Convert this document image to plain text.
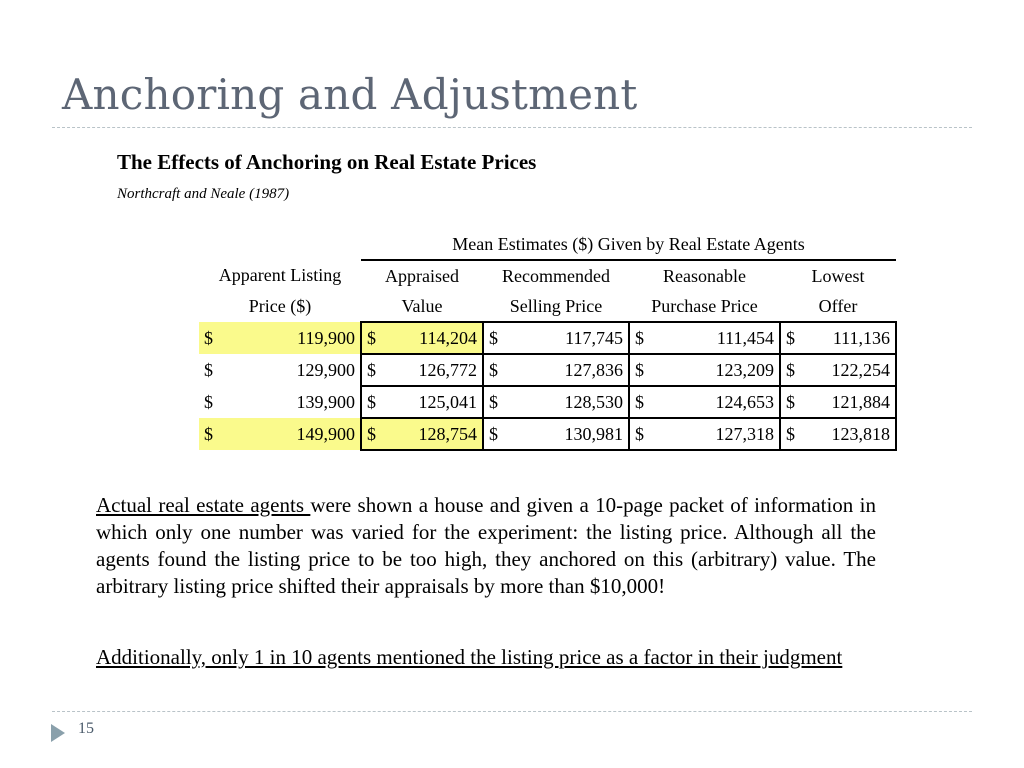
Anchoring and Adjustment
The Effects of Anchoring on Real Estate Prices
Northcraft and Neale (1987)
	Mean Estimates ($) Given by Real Estate Agents			
Apparent Listing	Appraised	Recommended	Reasonable	Lowest
Price ($)	Value	Selling Price	Purchase Price	Offer

$ 119,900	$ 114,204	$ 117,745	$ 111,454	$ 111,136

$ 129,900	$ 126,772	$ 127,836	$ 123,209	$ 122,254

$ 139,900	$ 125,041	$ 128,530	$ 124,653	$ 121,884

$ 149,900	$ 128,754	$ 130,981	$ 127,318	$ 123,818

Actual real estate agents were shown a house and given a 10-page packet of information in which only one number was varied for the experiment: the listing price. Although all the agents found the listing price to be too high, they anchored on this (arbitrary) value. The arbitrary listing price shifted their appraisals by more than $10,000!

Additionally, only 1 in 10 agents mentioned the listing price as a factor in their judgment

15
